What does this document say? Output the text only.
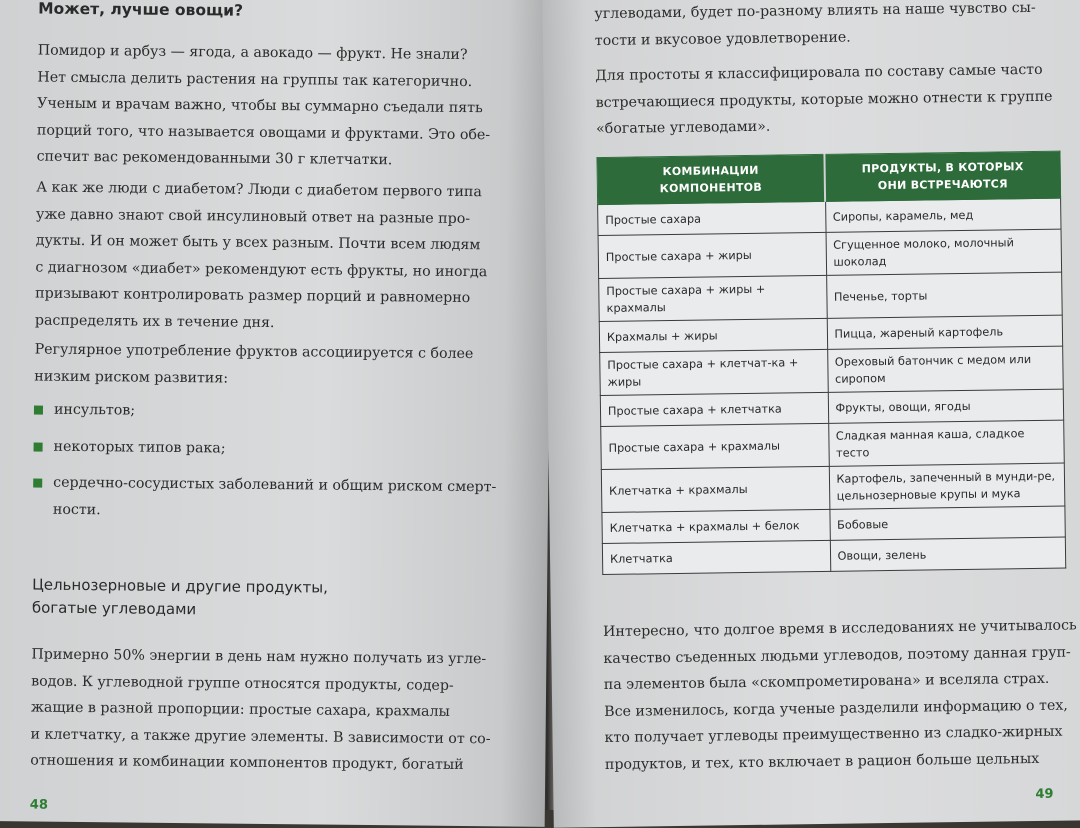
Может, лучше овощи?
Помидор и арбуз — ягода, а авокадо — фрукт. Не знали?
Нет смысла делить растения на группы так категорично.
Ученым и врачам важно, чтобы вы суммарно съедали пять
порций того, что называется овощами и фруктами. Это обе-
спечит вас рекомендованными 30 г клетчатки.
А как же люди с диабетом? Люди с диабетом первого типа
уже давно знают свой инсулиновый ответ на разные про-
дукты. И он может быть у всех разным. Почти всем людям
с диагнозом «диабет» рекомендуют есть фрукты, но иногда
призывают контролировать размер порций и равномерно
распределять их в течение дня.
Регулярное употребление фруктов ассоциируется с более
низким риском развития:
инсультов;
некоторых типов рака;
сердечно-сосудистых заболеваний и общим риском смерт-
ности.
Цельнозерновые и другие продукты,
богатые углеводами
Примерно 50% энергии в день нам нужно получать из угле-
водов. К углеводной группе относятся продукты, содер-
жащие в разной пропорции: простые сахара, крахмалы
и клетчатку, а также другие элементы. В зависимости от со-
отношения и комбинации компонентов продукт, богатый
48
углеводами, будет по-разному влиять на наше чувство сы-
тости и вкусовое удовлетворение.
Для простоты я классифицировала по составу самые часто
встречающиеся продукты, которые можно отнести к группе
«богатые углеводами».
КОМБИНАЦИИ
КОМПОНЕНТОВ	ПРОДУКТЫ, В КОТОРЫХ
ОНИ ВСТРЕЧАЮТСЯ
Простые сахара	Сиропы, карамель, мед
Простые сахара + жиры	Сгущенное молоко, молочный шоколад
Простые сахара + жиры + крахмалы	Печенье, торты
Крахмалы + жиры	Пицца, жареный картофель
Простые сахара + клетчат-ка + жиры	Ореховый батончик с медом или сиропом
Простые сахара + клетчатка	Фрукты, овощи, ягоды
Простые сахара + крахмалы	Сладкая манная каша, сладкое тесто
Клетчатка + крахмалы	Картофель, запеченный в мунди-ре, цельнозерновые крупы и мука
Клетчатка + крахмалы + белок	Бобовые
Клетчатка	Овощи, зелень
Интересно, что долгое время в исследованиях не учитывалось
качество съеденных людьми углеводов, поэтому данная груп-
па элементов была «скомпрометирована» и вселяла страх.
Все изменилось, когда ученые разделили информацию о тех,
кто получает углеводы преимущественно из сладко-жирных
продуктов, и тех, кто включает в рацион больше цельных
49
